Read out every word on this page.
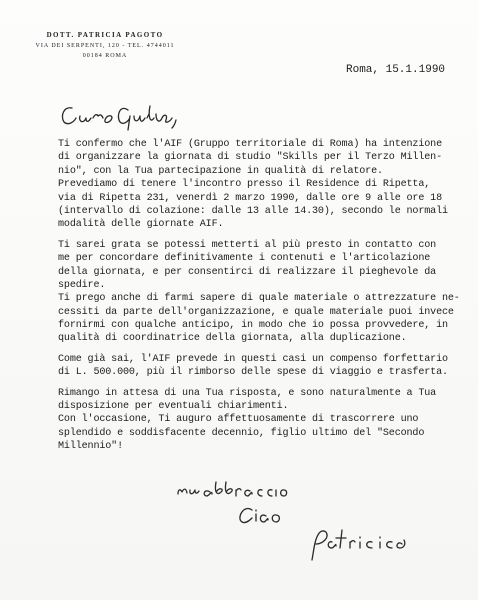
DOTT. PATRICIA PAGOTO
VIA DEI SERPENTI, 120 - TEL. 4744011
00184 ROMA
Roma, 15.1.1990
Ti confermo che l'AIF (Gruppo territoriale di Roma) ha intenzione
di organizzare la giornata di studio "Skills per il Terzo Millen-
nio", con la Tua partecipazione in qualità di relatore.
Prevediamo di tenere l'incontro presso il Residence di Ripetta,
via di Ripetta 231, venerdì 2 marzo 1990, dalle ore 9 alle ore 18
(intervallo di colazione: dalle 13 alle 14.30), secondo le normali
modalità delle giornate AIF.
Ti sarei grata se potessi metterti al più presto in contatto con
me per concordare definitivamente i contenuti e l'articolazione
della giornata, e per consentirci di realizzare il pieghevole da
spedire.
Ti prego anche di farmi sapere di quale materiale o attrezzature ne-
cessiti da parte dell'organizzazione, e quale materiale puoi invece
fornirmi con qualche anticipo, in modo che io possa provvedere, in
qualità di coordinatrice della giornata, alla duplicazione.
Come già sai, l'AIF prevede in questi casi un compenso forfettario
di L. 500.000, più il rimborso delle spese di viaggio e trasferta.
Rimango in attesa di una Tua risposta, e sono naturalmente a Tua
disposizione per eventuali chiarimenti.
Con l'occasione, Ti auguro affettuosamente di trascorrere uno
splendido e soddisfacente decennio, figlio ultimo del "Secondo
Millennio"!
